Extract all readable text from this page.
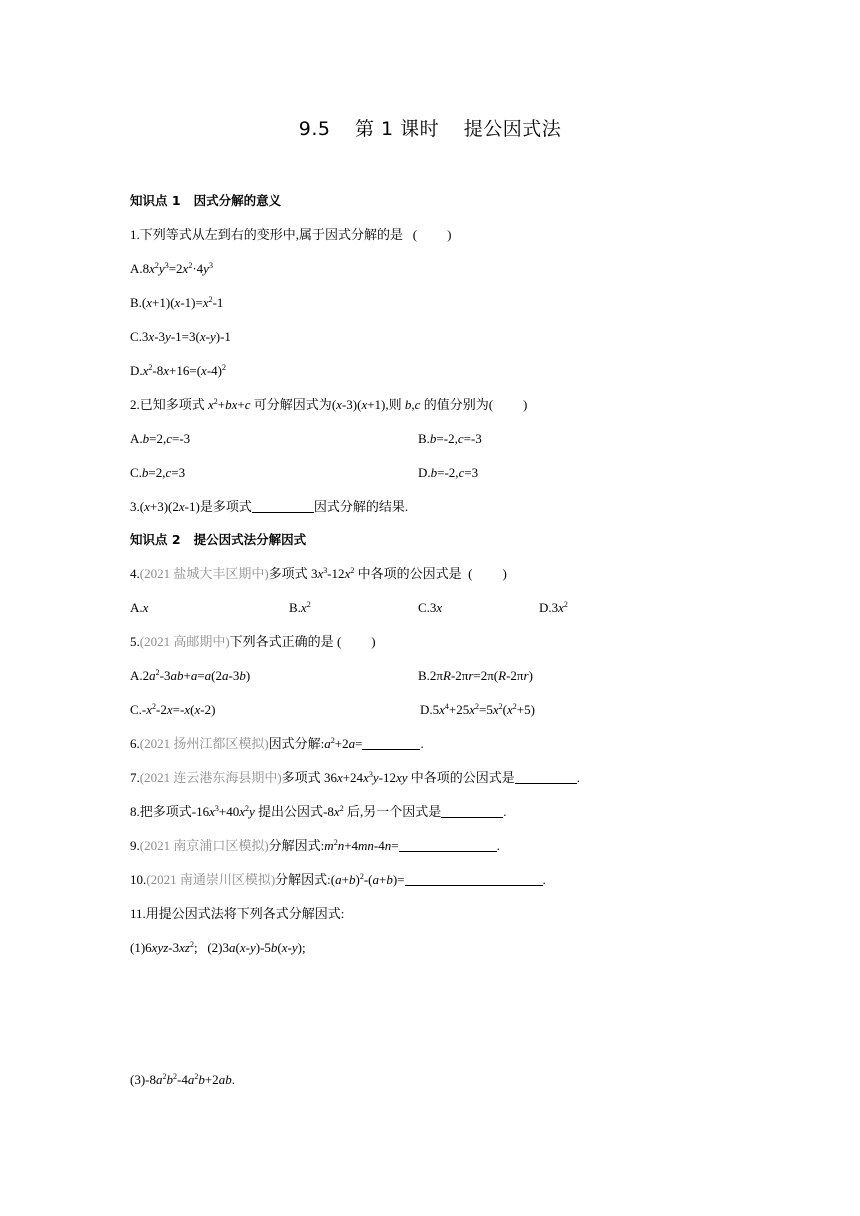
9.5 第 1 课时 提公因式法
知识点 1 因式分解的意义
1.下列等式从左到右的变形中,属于因式分解的是   ( )
$A.8x^2y^3=2x^2\cdot 4y^3$
$B.(x+1)(x-1)=x^2-1$
C.3x-3y-1=3(x-y)-1
$D.x^2-8x+16=(x-4)^2$
2.已知多项式 $x^2+bx+c$ 可分解因式为(x-3)(x+1),则 b,c 的值分别为( )
A.b=2,c=-3	B.b=-2,c=-3
C.b=2,c=3	D.b=-2,c=3
3.(x+3)(2x-1)是多项式	因式分解的结果.
知识点 2 提公因式法分解因式
4.(2021 盐城大丰区期中)多项式 $3x^3-12x^2$ 中各项的公因式是  ( )
A.x	$B.x^2$	C.3x	$D.3x^2$
5.(2021 高邮期中)下列各式正确的是 ( )
$A.2a^2-3ab+a=a(2a-3b)$	B.2πR-2πr=2π(R-2πr)
$C.-x^2-2x=-x(x-2)$	$D.5x^4+25x^2=5x^2(x^2+5)$
6.(2021 扬州江都区模拟)因式分解$:a^2+2a=$	.
7.(2021 连云港东海县期中)多项式 $36x+24x^3y-12xy$ 中各项的公因式是	.
8.把多项式$-16x^3+40x^2y$ 提出公因式$-8x^2$ 后,另一个因式是	.
9.(2021 南京浦口区模拟)分解因式$:m^2n+4mn-4n=$	.
10.(2021 南通崇川区模拟)分解因式$:(a+b)^2-(a+b)=$	.
11.用提公因式法将下列各式分解因式:
$(1)6xyz-3xz^2$;   (2)3a(x-y)-5b(x-y);
$(3)-8a^2b^2-4a^2b+2ab$.
